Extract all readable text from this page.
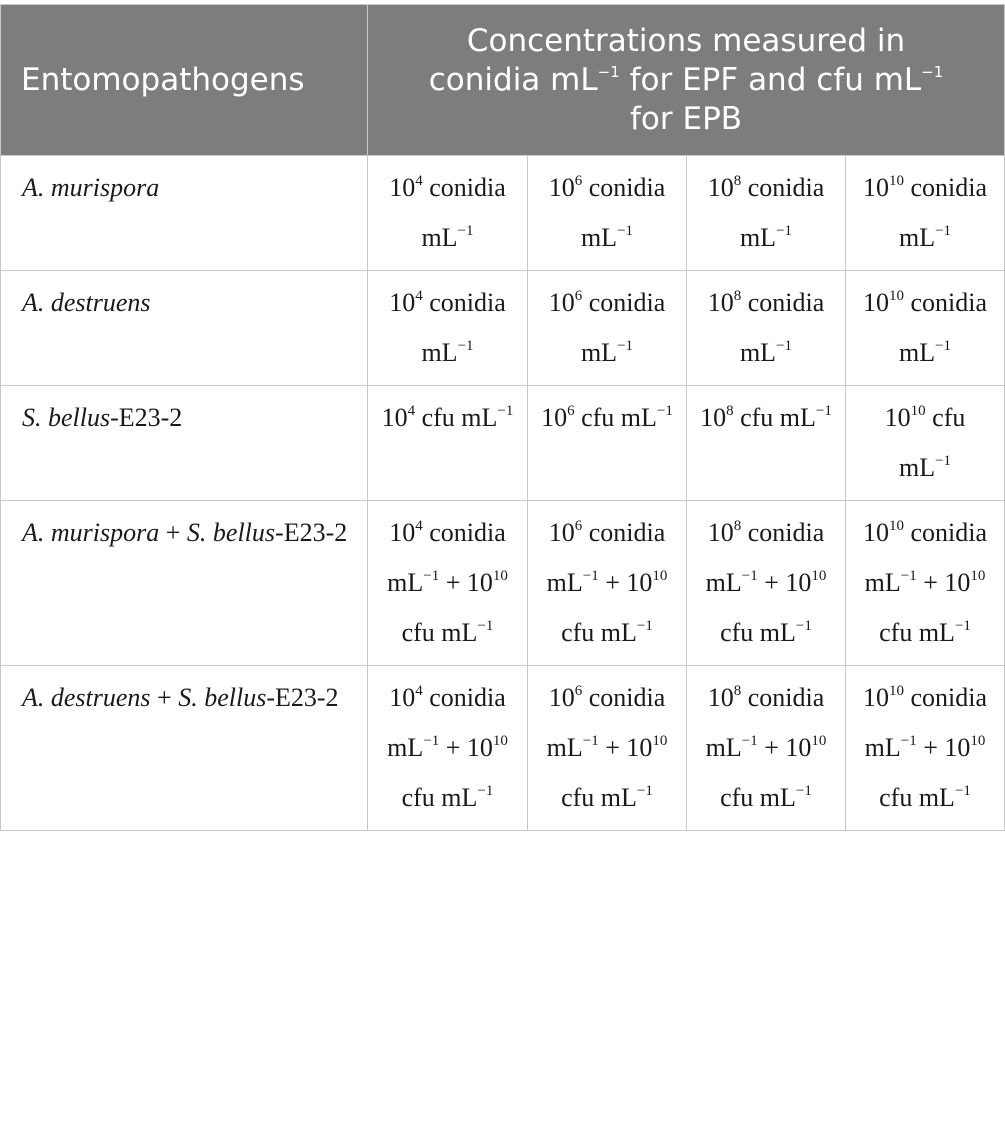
Entomopathogens	Concentrations measured in
conidia $mL^{-1}$ for EPF and cfu $mL^{-1}$
for EPB			
A. murispora	$10^4$ conidia $mL^{-1}$	$10^6$ conidia $mL^{-1}$	$10^8$ conidia $mL^{-1}$	$10^{10}$ conidia $mL^{-1}$
A. destruens	$10^4$ conidia $mL^{-1}$	$10^6$ conidia $mL^{-1}$	$10^8$ conidia $mL^{-1}$	$10^{10}$ conidia $mL^{-1}$
S. bellus-E23-2	$10^4$ cfu $mL^{-1}$	$10^6$ cfu $mL^{-1}$	$10^8$ cfu $mL^{-1}$	$10^{10}$ cfu $mL^{-1}$
A. murispora + S. bellus-E23-2	$10^4$ conidia $mL^{-1} + 10^{10}$ cfu $mL^{-1}$	$10^6$ conidia $mL^{-1} + 10^{10}$ cfu $mL^{-1}$	$10^8$ conidia $mL^{-1} + 10^{10}$ cfu $mL^{-1}$	$10^{10}$ conidia $mL^{-1} + 10^{10}$ cfu $mL^{-1}$
A. destruens + S. bellus-E23-2	$10^4$ conidia $mL^{-1} + 10^{10}$ cfu $mL^{-1}$	$10^6$ conidia $mL^{-1} + 10^{10}$ cfu $mL^{-1}$	$10^8$ conidia $mL^{-1} + 10^{10}$ cfu $mL^{-1}$	$10^{10}$ conidia $mL^{-1} + 10^{10}$ cfu $mL^{-1}$
